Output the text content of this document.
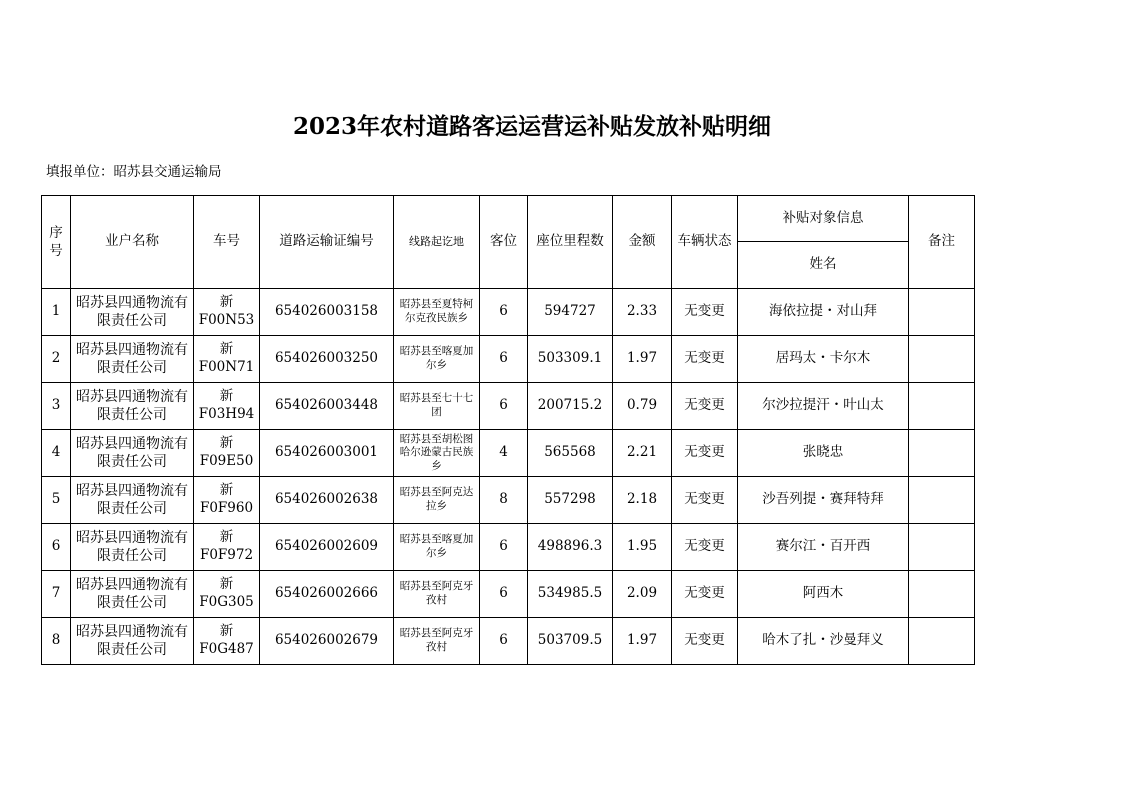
2023年农村道路客运运营运补贴发放补贴明细
填报单位：昭苏县交通运输局
序号	业户名称	车号	道路运输证编号	线路起讫地	客位	座位里程数	金额	车辆状态	补贴对象信息	备注
									姓名	
1	昭苏县四通物流有限责任公司	新F00N53	654026003158	昭苏县至夏特柯尔克孜民族乡	6	594727	2.33	无变更	海依拉提・对山拜	
2	昭苏县四通物流有限责任公司	新F00N71	654026003250	昭苏县至喀夏加尔乡	6	503309.1	1.97	无变更	居玛太・卡尔木	
3	昭苏县四通物流有限责任公司	新F03H94	654026003448	昭苏县至七十七团	6	200715.2	0.79	无变更	尔沙拉提汗・叶山太	
4	昭苏县四通物流有限责任公司	新F09E50	654026003001	昭苏县至胡松图哈尔逊蒙古民族乡	4	565568	2.21	无变更	张晓忠	
5	昭苏县四通物流有限责任公司	新F0F960	654026002638	昭苏县至阿克达拉乡	8	557298	2.18	无变更	沙吾列提・赛拜特拜	
6	昭苏县四通物流有限责任公司	新F0F972	654026002609	昭苏县至喀夏加尔乡	6	498896.3	1.95	无变更	赛尔江・百开西	
7	昭苏县四通物流有限责任公司	新F0G305	654026002666	昭苏县至阿克牙孜村	6	534985.5	2.09	无变更	阿西木	
8	昭苏县四通物流有限责任公司	新F0G487	654026002679	昭苏县至阿克牙孜村	6	503709.5	1.97	无变更	哈木了扎・沙曼拜义	
